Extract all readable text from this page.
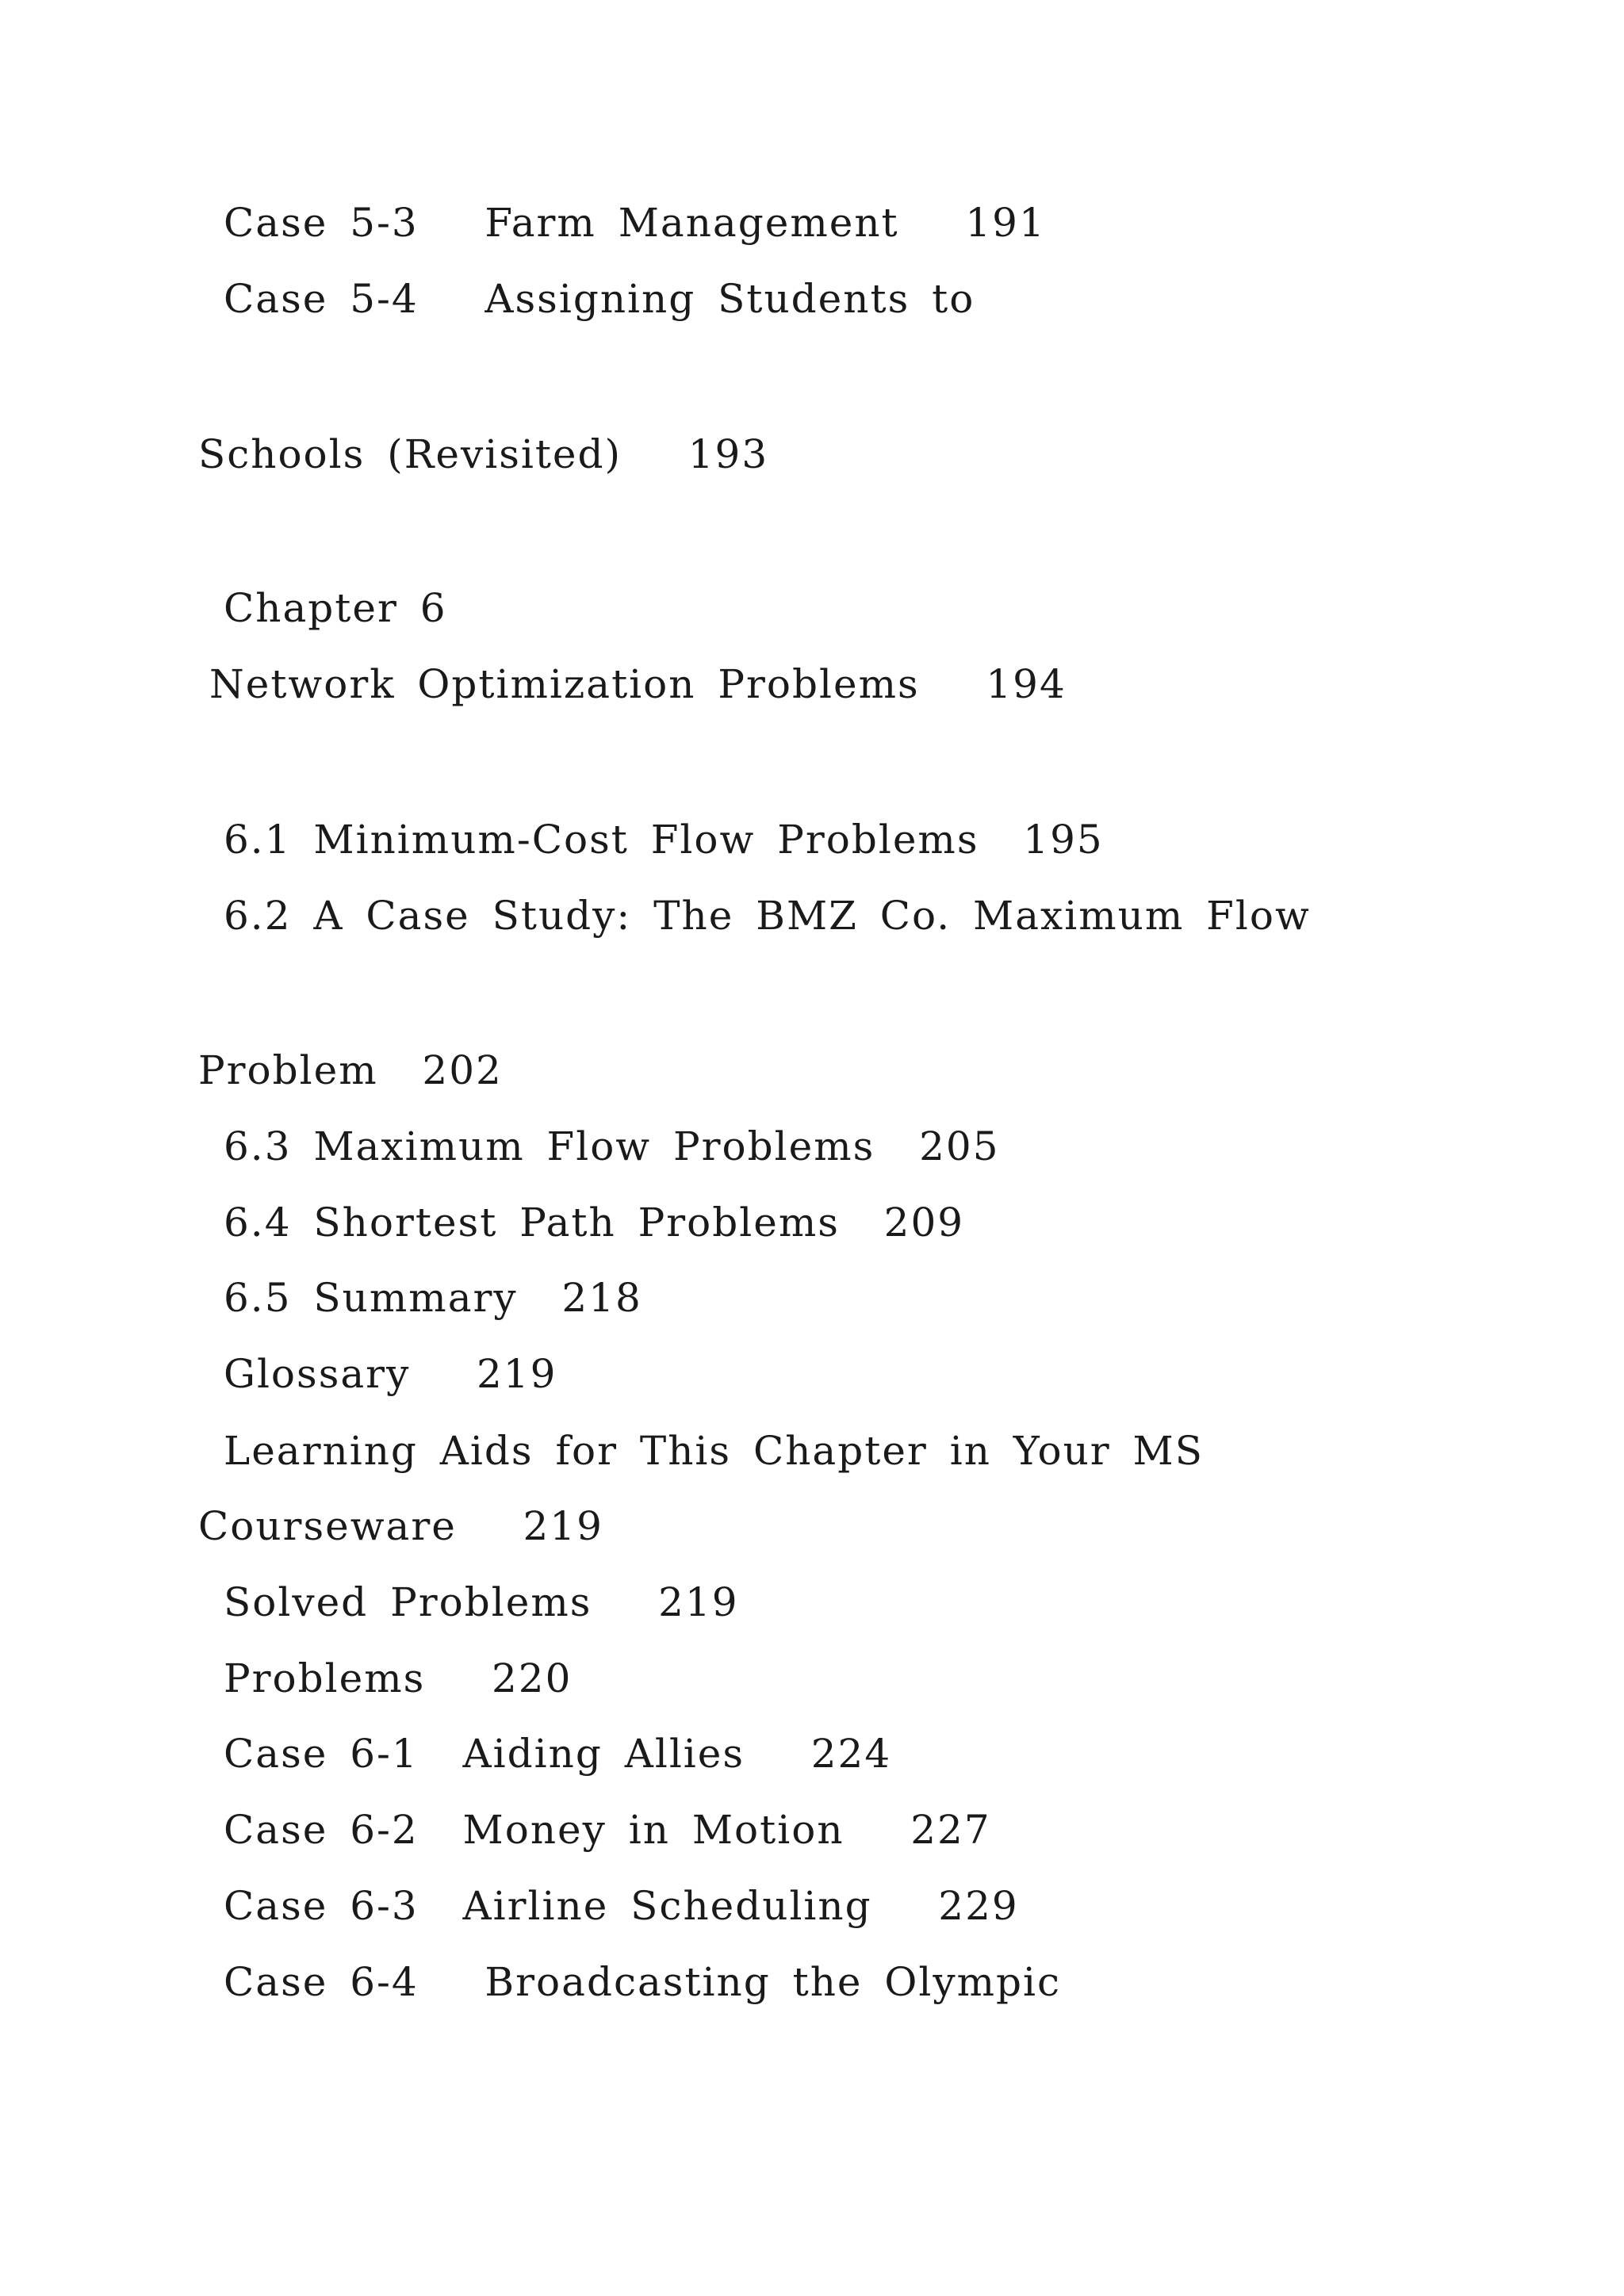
Case 5-3   Farm Management   191

Case 5-4   Assigning Students to

Schools (Revisited)   193

Chapter 6

Network Optimization Problems   194

6.1 Minimum-Cost Flow Problems  195

6.2 A Case Study: The BMZ Co. Maximum Flow

Problem  202

6.3 Maximum Flow Problems  205

6.4 Shortest Path Problems  209

6.5 Summary  218

Glossary   219

Learning Aids for This Chapter in Your MS

Courseware   219

Solved Problems   219

Problems   220

Case 6-1  Aiding Allies   224

Case 6-2  Money in Motion   227

Case 6-3  Airline Scheduling   229

Case 6-4   Broadcasting the Olympic
